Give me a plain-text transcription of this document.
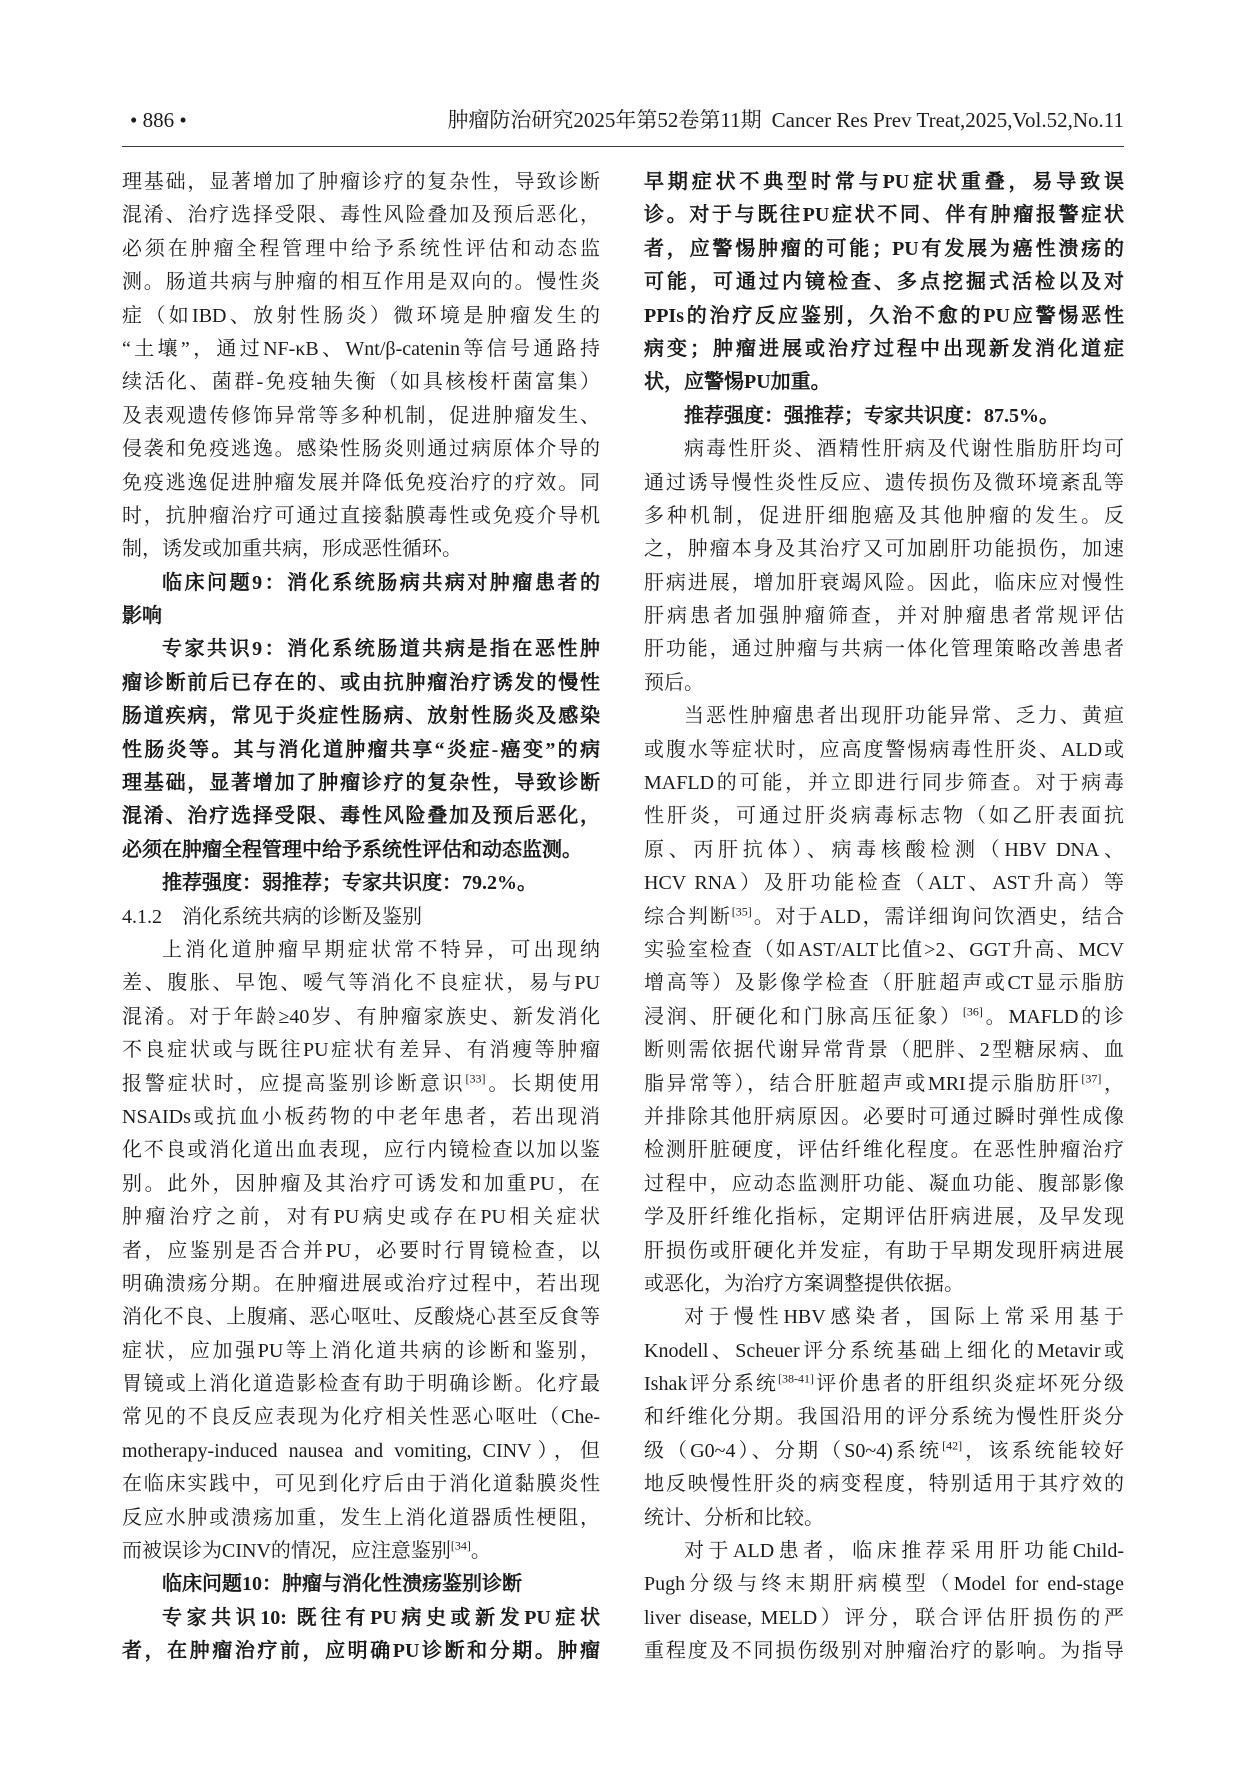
• 886 •	肿瘤防治研究2025年第52卷第11期 Cancer Res Prev Treat,2025,Vol.52,No.11
理基础，显著增加了肿瘤诊疗的复杂性，导致诊断
混淆、治疗选择受限、毒性风险叠加及预后恶化，
必须在肿瘤全程管理中给予系统性评估和动态监
测。肠道共病与肿瘤的相互作用是双向的。慢性炎
症（如IBD、放射性肠炎）微环境是肿瘤发生的
“土壤”，通过NF-κB、Wnt/β-catenin等信号通路持
续活化、菌群-免疫轴失衡（如具核梭杆菌富集）
及表观遗传修饰异常等多种机制，促进肿瘤发生、
侵袭和免疫逃逸。感染性肠炎则通过病原体介导的
免疫逃逸促进肿瘤发展并降低免疫治疗的疗效。同
时，抗肿瘤治疗可通过直接黏膜毒性或免疫介导机
制，诱发或加重共病，形成恶性循环。
临床问题9：消化系统肠病共病对肿瘤患者的
影响
专家共识9：消化系统肠道共病是指在恶性肿
瘤诊断前后已存在的、或由抗肿瘤治疗诱发的慢性
肠道疾病，常见于炎症性肠病、放射性肠炎及感染
性肠炎等。其与消化道肿瘤共享“炎症-癌变”的病
理基础，显著增加了肿瘤诊疗的复杂性，导致诊断
混淆、治疗选择受限、毒性风险叠加及预后恶化，
必须在肿瘤全程管理中给予系统性评估和动态监测。
推荐强度：弱推荐；专家共识度：79.2%。
4.1.2　消化系统共病的诊断及鉴别
上消化道肿瘤早期症状常不特异，可出现纳
差、腹胀、早饱、嗳气等消化不良症状，易与PU
混淆。对于年龄≥40岁、有肿瘤家族史、新发消化
不良症状或与既往PU症状有差异、有消瘦等肿瘤
报警症状时，应提高鉴别诊断意识[33]。长期使用
NSAIDs或抗血小板药物的中老年患者，若出现消
化不良或消化道出血表现，应行内镜检查以加以鉴
别。此外，因肿瘤及其治疗可诱发和加重PU，在
肿瘤治疗之前，对有PU病史或存在PU相关症状
者，应鉴别是否合并PU，必要时行胃镜检查，以
明确溃疡分期。在肿瘤进展或治疗过程中，若出现
消化不良、上腹痛、恶心呕吐、反酸烧心甚至反食等
症状，应加强PU等上消化道共病的诊断和鉴别，
胃镜或上消化道造影检查有助于明确诊断。化疗最
常见的不良反应表现为化疗相关性恶心呕吐（Che-
motherapy-induced nausea and vomiting, CINV），但
在临床实践中，可见到化疗后由于消化道黏膜炎性
反应水肿或溃疡加重，发生上消化道器质性梗阻，
而被误诊为CINV的情况，应注意鉴别[34]。
临床问题10：肿瘤与消化性溃疡鉴别诊断
专家共识10: 既往有PU病史或新发PU症状
者，在肿瘤治疗前，应明确PU诊断和分期。肿瘤
早期症状不典型时常与PU症状重叠，易导致误
诊。对于与既往PU症状不同、伴有肿瘤报警症状
者，应警惕肿瘤的可能；PU有发展为癌性溃疡的
可能，可通过内镜检查、多点挖掘式活检以及对
PPIs的治疗反应鉴别，久治不愈的PU应警惕恶性
病变；肿瘤进展或治疗过程中出现新发消化道症
状，应警惕PU加重。
推荐强度：强推荐；专家共识度：87.5%。
病毒性肝炎、酒精性肝病及代谢性脂肪肝均可
通过诱导慢性炎性反应、遗传损伤及微环境紊乱等
多种机制，促进肝细胞癌及其他肿瘤的发生。反
之，肿瘤本身及其治疗又可加剧肝功能损伤，加速
肝病进展，增加肝衰竭风险。因此，临床应对慢性
肝病患者加强肿瘤筛查，并对肿瘤患者常规评估
肝功能，通过肿瘤与共病一体化管理策略改善患者
预后。
当恶性肿瘤患者出现肝功能异常、乏力、黄疸
或腹水等症状时，应高度警惕病毒性肝炎、ALD或
MAFLD的可能，并立即进行同步筛查。对于病毒
性肝炎，可通过肝炎病毒标志物（如乙肝表面抗
原、丙肝抗体）、病毒核酸检测（HBV DNA、
HCV RNA）及肝功能检查（ALT、AST升高）等
综合判断[35]。对于ALD，需详细询问饮酒史，结合
实验室检查（如AST/ALT比值>2、GGT升高、MCV
增高等）及影像学检查（肝脏超声或CT显示脂肪
浸润、肝硬化和门脉高压征象）[36]。MAFLD的诊
断则需依据代谢异常背景（肥胖、2型糖尿病、血
脂异常等），结合肝脏超声或MRI提示脂肪肝[37]，
并排除其他肝病原因。必要时可通过瞬时弹性成像
检测肝脏硬度，评估纤维化程度。在恶性肿瘤治疗
过程中，应动态监测肝功能、凝血功能、腹部影像
学及肝纤维化指标，定期评估肝病进展，及早发现
肝损伤或肝硬化并发症，有助于早期发现肝病进展
或恶化，为治疗方案调整提供依据。
对于慢性HBV感染者，国际上常采用基于
Knodell、Scheuer评分系统基础上细化的Metavir或
Ishak评分系统[38-41]评价患者的肝组织炎症坏死分级
和纤维化分期。我国沿用的评分系统为慢性肝炎分
级（G0~4）、分期（S0~4)系统[42]，该系统能较好
地反映慢性肝炎的病变程度，特别适用于其疗效的
统计、分析和比较。
对于ALD患者，临床推荐采用肝功能Child-
Pugh分级与终末期肝病模型（Model for end-stage
liver disease, MELD）评分，联合评估肝损伤的严
重程度及不同损伤级别对肿瘤治疗的影响。为指导
